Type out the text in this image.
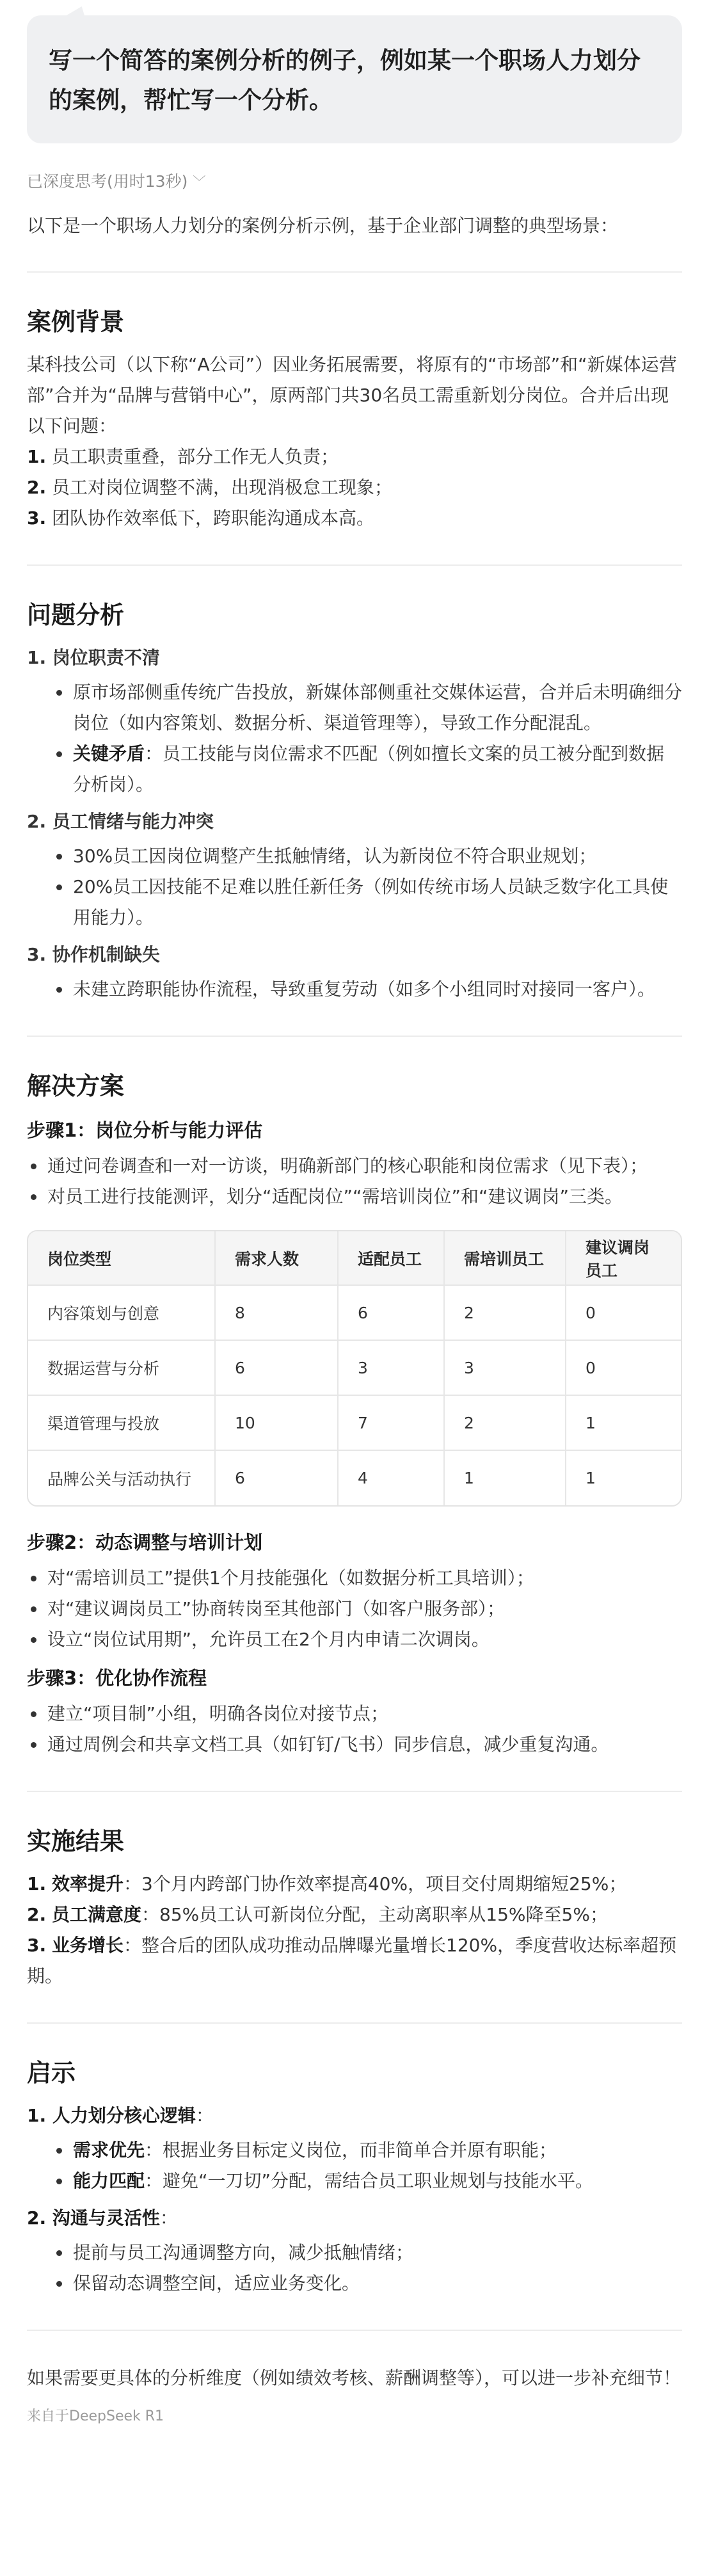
写一个简答的案例分析的例子，例如某一个职场人力划分的案例，帮忙写一个分析。
已深度思考(用时13秒) ﹀

以下是一个职场人力划分的案例分析示例，基于企业部门调整的典型场景：

案例背景

某科技公司（以下称“A公司”）因业务拓展需要，将原有的“市场部”和“新媒体运营部”合并为“品牌与营销中心”，原两部门共30名员工需重新划分岗位。合并后出现以下问题：

1. 员工职责重叠，部分工作无人负责；
2. 员工对岗位调整不满，出现消极怠工现象；
3. 团队协作效率低下，跨职能沟通成本高。
问题分析

1. 岗位职责不清

原市场部侧重传统广告投放，新媒体部侧重社交媒体运营，合并后未明确细分岗位（如内容策划、数据分析、渠道管理等），导致工作分配混乱。
关键矛盾：员工技能与岗位需求不匹配（例如擅长文案的员工被分配到数据分析岗）。

2. 员工情绪与能力冲突

30%员工因岗位调整产生抵触情绪，认为新岗位不符合职业规划；
20%员工因技能不足难以胜任新任务（例如传统市场人员缺乏数字化工具使用能力）。

3. 协作机制缺失

未建立跨职能协作流程，导致重复劳动（如多个小组同时对接同一客户）。
解决方案

步骤1：岗位分析与能力评估

通过问卷调查和一对一访谈，明确新部门的核心职能和岗位需求（见下表）；
对员工进行技能测评，划分“适配岗位”“需培训岗位”和“建议调岗”三类。
岗位类型	需求人数	适配员工	需培训员工	建议调岗员工
内容策划与创意	8	6	2	0
数据运营与分析	6	3	3	0
渠道管理与投放	10	7	2	1
品牌公关与活动执行	6	4	1	1

步骤2：动态调整与培训计划

对“需培训员工”提供1个月技能强化（如数据分析工具培训）；
对“建议调岗员工”协商转岗至其他部门（如客户服务部）；
设立“岗位试用期”，允许员工在2个月内申请二次调岗。

步骤3：优化协作流程

建立“项目制”小组，明确各岗位对接节点；
通过周例会和共享文档工具（如钉钉/飞书）同步信息，减少重复沟通。
实施结果
1. 效率提升：3个月内跨部门协作效率提高40%，项目交付周期缩短25%；
2. 员工满意度：85%员工认可新岗位分配，主动离职率从15%降至5%；
3. 业务增长：整合后的团队成功推动品牌曝光量增长120%，季度营收达标率超预期。
启示

1. 人力划分核心逻辑：

需求优先：根据业务目标定义岗位，而非简单合并原有职能；
能力匹配：避免“一刀切”分配，需结合员工职业规划与技能水平。

2. 沟通与灵活性：

提前与员工沟通调整方向，减少抵触情绪；
保留动态调整空间，适应业务变化。

如果需要更具体的分析维度（例如绩效考核、薪酬调整等），可以进一步补充细节！

来自于DeepSeek R1
